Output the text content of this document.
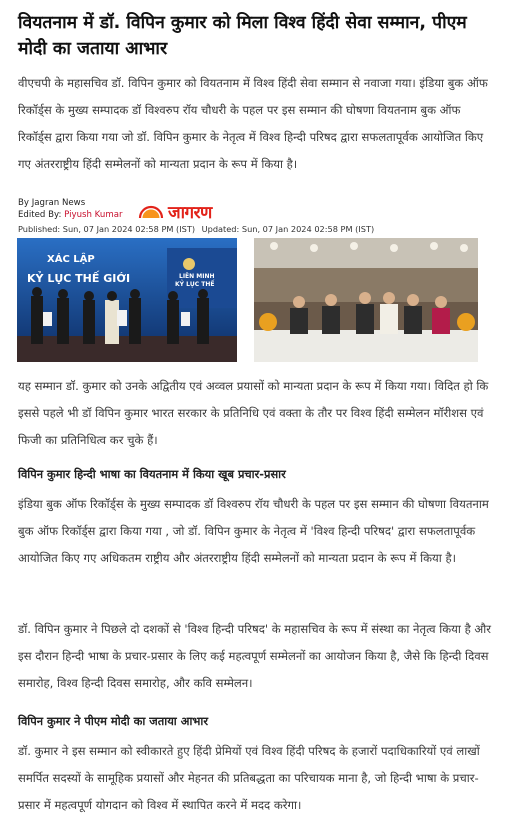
वियतनाम में डॉ. विपिन कुमार को मिला विश्व हिंदी सेवा सम्मान, पीएम मोदी का जताया आभार
वीएचपी के महासचिव डॉ. विपिन कुमार को वियतनाम में विश्व हिंदी सेवा सम्मान से नवाजा गया। इंडिया बुक ऑफ रिकॉर्ड्स के मुख्य सम्पादक डॉ विश्वरुप रॉय चौधरी के पहल पर इस सम्मान की घोषणा वियतनाम बुक ऑफ रिकॉर्ड्स द्वारा किया गया जो डॉ. विपिन कुमार के नेतृत्व में विश्व हिन्दी परिषद द्वारा सफलतापूर्वक आयोजित किए गए अंतरराष्ट्रीय हिंदी सम्मेलनों को मान्यता प्रदान के रूप में किया है।
By Jagran News
Edited By: Piyush Kumar	जागरण
Published: Sun, 07 Jan 2024 02:58 PM (IST) Updated: Sun, 07 Jan 2024 02:58 PM (IST)
XÁC LẬP
KỶ LỤC THẾ GIỚI	LIÊN MINH
KỶ LỤC THẾ
यह सम्मान डॉ. कुमार को उनके अद्वितीय एवं अव्वल प्रयासों को मान्यता प्रदान के रूप में किया गया। विदित हो कि इससे पहले भी डॉ विपिन कुमार भारत सरकार के प्रतिनिधि एवं वक्ता के तौर पर विश्व हिंदी सम्मेलन मॉरीशस एवं फिजी का प्रतिनिधित्व कर चुके हैं।
विपिन कुमार हिन्दी भाषा का वियतनाम में किया खूब प्रचार-प्रसार
इंडिया बुक ऑफ रिकॉर्ड्स के मुख्य सम्पादक डॉ विश्वरुप रॉय चौधरी के पहल पर इस सम्मान की घोषणा वियतनाम बुक ऑफ रिकॉर्ड्स द्वारा किया गया , जो डॉ. विपिन कुमार के नेतृत्व में 'विश्व हिन्दी परिषद' द्वारा सफलतापूर्वक आयोजित किए गए अधिकतम राष्ट्रीय और अंतरराष्ट्रीय हिंदी सम्मेलनों को मान्यता प्रदान के रूप में किया है।
डॉ. विपिन कुमार ने पिछले दो दशकों से 'विश्व हिन्दी परिषद' के महासचिव के रूप में संस्था का नेतृत्व किया है और इस दौरान हिन्दी भाषा के प्रचार-प्रसार के लिए कई महत्वपूर्ण सम्मेलनों का आयोजन किया है, जैसे कि हिन्दी दिवस समारोह, विश्व हिन्दी दिवस समारोह, और कवि सम्मेलन।
विपिन कुमार ने पीएम मोदी का जताया आभार
डॉ. कुमार ने इस सम्मान को स्वीकारते हुए हिंदी प्रेमियों एवं विश्व हिंदी परिषद के हजारों पदाधिकारियों एवं लाखों समर्पित सदस्यों के सामूहिक प्रयासों और मेहनत की प्रतिबद्धता का परिचायक माना है, जो हिन्दी भाषा के प्रचार-प्रसार में महत्वपूर्ण योगदान को विश्व में स्थापित करने में मदद करेगा।
